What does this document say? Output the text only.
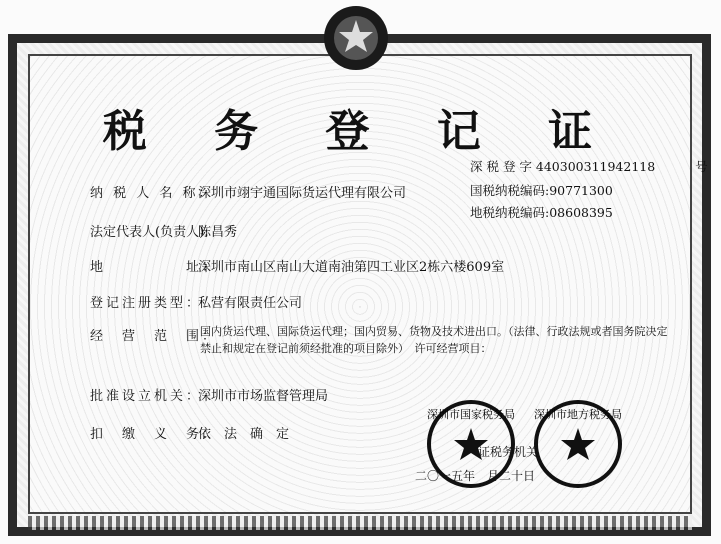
税 务 登 记 证
深 税 登 字 440300311942118	号
国税纳税编码:90771300
地税纳税编码:08608395
纳 税 人 名 称：深圳市翊宇通国际货运代理有限公司
法定代表人(负责人):陈昌秀
地　　　　　址：深圳市南山区南山大道南油第四工业区2栋六楼609室
登记注册类型：私营有限责任公司
经　营　范　围：
国内货运代理、国际货运代理；国内贸易、货物及技术进出口。（法律、行政法规或者国务院决定禁止和规定在登记前须经批准的项目除外）　许可经营项目：
批准设立机关：深圳市市场监督管理局
扣　缴　义　务：依　法　确　定
深圳市国家税务局 深圳市地方税务局
证税务机关
二〇一五年　月二十日
